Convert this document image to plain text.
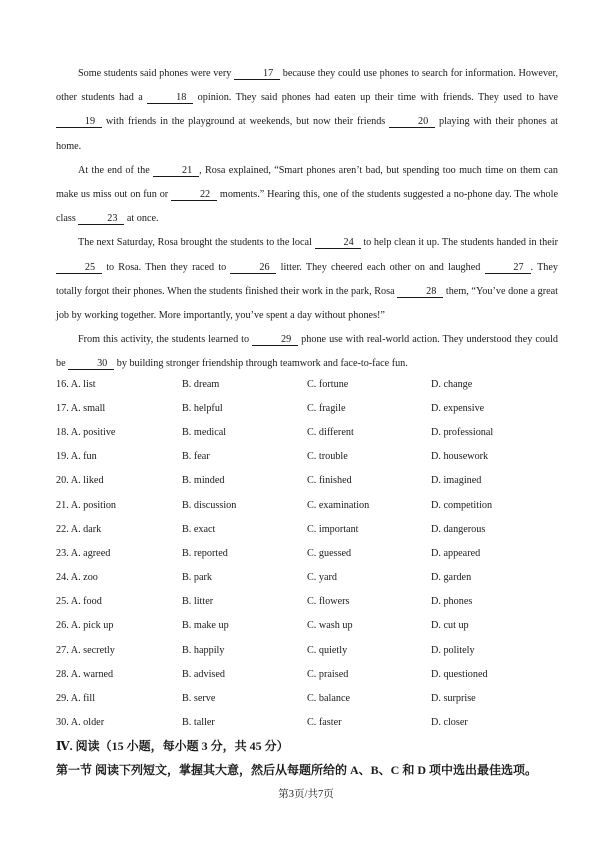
Some students said phones were very	17 because they could use phones to search for information. However, other students had a	18 opinion. They said phones had eaten up their time with friends. They used to have 19 with friends in the playground at weekends, but now their friends	20 playing with their phones at home.

At the end of the	21 , Rosa explained, “Smart phones aren’t bad, but spending too much time on them can make us miss out on fun or	22 moments.” Hearing this, one of the students suggested a no-phone day. The whole class	23 at once.

The next Saturday, Rosa brought the students to the local	24 to help clean it up. The students handed in their 25 to Rosa. Then they raced to	26 litter. They cheered each other on and laughed	27 . They totally forgot their phones. When the students finished their work in the park, Rosa	28 them, “You’ve done a great job by working together. More importantly, you’ve spent a day without phones!”

From this activity, the students learned to	29 phone use with real-world action. They understood they could be	30 by building stronger friendship through teamwork and face-to-face fun.

16. A. list	B. dream	C. fortune	D. change
17. A. small	B. helpful	C. fragile	D. expensive
18. A. positive	B. medical	C. different	D. professional
19. A. fun	B. fear	C. trouble	D. housework
20. A. liked	B. minded	C. finished	D. imagined
21. A. position	B. discussion	C. examination	D. competition
22. A. dark	B. exact	C. important	D. dangerous
23. A. agreed	B. reported	C. guessed	D. appeared
24. A. zoo	B. park	C. yard	D. garden
25. A. food	B. litter	C. flowers	D. phones
26. A. pick up	B. make up	C. wash up	D. cut up
27. A. secretly	B. happily	C. quietly	D. politely
28. A. warned	B. advised	C. praised	D. questioned
29. A. fill	B. serve	C. balance	D. surprise
30. A. older	B. taller	C. faster	D. closer
Ⅳ. 阅读（15 小题，每小题 3 分，共 45 分）
第一节 阅读下列短文，掌握其大意，然后从每题所给的 A、B、C 和 D 项中选出最佳选项。
第3页/共7页
